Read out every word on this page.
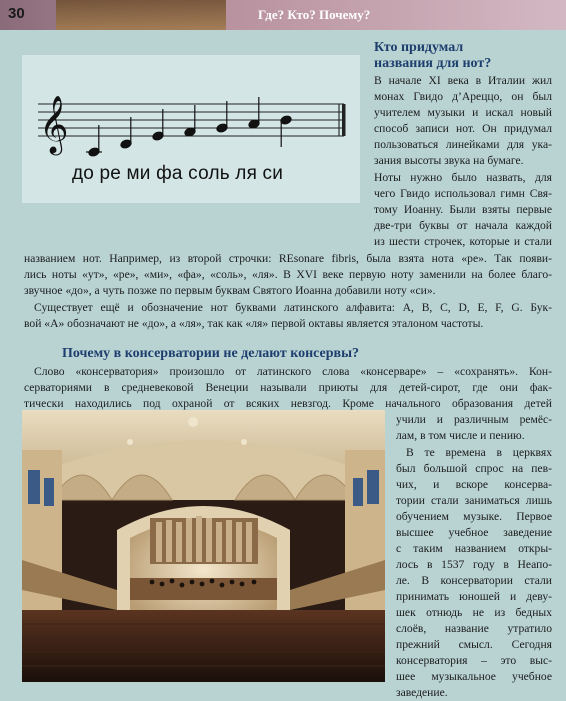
30	Где? Кто? Почему?
𝄞
до ре ми фа соль ля си
Кто придумал
названия для нот?

В начале XI века в Италии жил

монах Гвидо д’Ареццо, он был

учителем музыки и искал новый

способ записи нот. Он придумал

пользоваться линейками для ука-

зания высоты звука на бумаге.

Ноты нужно было назвать, для

чего Гвидо использовал гимн Свя-

тому Иоанну. Были взяты первые

две-три буквы от начала каждой

из шести строчек, которые и стали

названием нот. Например, из второй строчки: REsonare fibris, была взята нота «ре». Так появи-

лись ноты «ут», «ре», «ми», «фа», «соль», «ля». В XVI веке первую ноту заменили на более благо-

звучное «до», а чуть позже по первым буквам Святого Иоанна добавили ноту «си».

Существует ещё и обозначение нот буквами латинского алфавита: A, B, C, D, E, F, G. Бук-

вой «A» обозначают не «до», а «ля», так как «ля» первой октавы является эталоном частоты.

Почему в консерватории не делают консервы?

Слово «консерватория» произошло от латинского слова «консерваре» – «сохранять». Кон-

серваториями в средневековой Венеции называли приюты для детей-сирот, где они фак-

тически находились под охраной от всяких невзгод. Кроме начального образования детей

учили и различным ремёс-

лам, в том числе и пению.

В те времена в церквях

был большой спрос на пев-

чих, и вскоре консерва-

тории стали заниматься лишь

обучением музыке. Первое

высшее учебное заведение

с таким названием откры-

лось в 1537 году в Неапо-

ле. В консерватории стали

принимать юношей и деву-

шек отнюдь не из бедных

слоёв, название утратило

прежний смысл. Сегодня

консерватория – это выс-

шее музыкальное учебное

заведение.
